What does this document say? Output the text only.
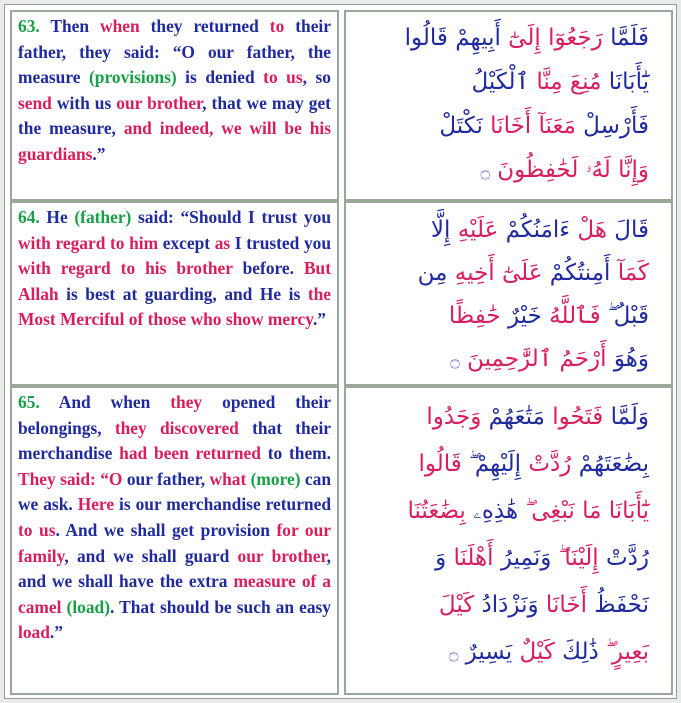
63. Then when they returned to their father, they said: “O our father, the measure (provisions) is denied to us, so send with us our brother, that we may get the measure, and indeed, we will be his guardians.”

فَلَمَّا رَجَعُوٓا إِلَىٰٓ أَبِيهِمْ قَالُوا
يَٰٓأَبَانَا مُنِعَ مِنَّا ٱلْكَيْلُ
فَأَرْسِلْ مَعَنَآ أَخَانَا نَكْتَلْ
وَإِنَّا لَهُۥ لَحَٰفِظُونَ ۝

64. He (father) said: “Should I trust you with regard to him except as I trusted you with regard to his brother before. But Allah is best at guarding, and He is the Most Merciful of those who show mercy.”

قَالَ هَلْ ءَامَنُكُمْ عَلَيْهِ إِلَّا
كَمَآ أَمِنتُكُمْ عَلَىٰٓ أَخِيهِ مِن
قَبْلُ ۖ فَٱللَّهُ خَيْرٌ حَٰفِظًا
وَهُوَ أَرْحَمُ ٱلرَّٰحِمِينَ ۝

65. And when they opened their belongings, they discovered that their merchandise had been returned to them. They said: “O our father, what (more) can we ask. Here is our merchandise returned to us. And we shall get provision for our family, and we shall guard our brother, and we shall have the extra measure of a camel (load). That should be such an easy load.”

وَلَمَّا فَتَحُوا مَتَٰعَهُمْ وَجَدُوا
بِضَٰعَتَهُمْ رُدَّتْ إِلَيْهِمْ ۖ قَالُوا
يَٰٓأَبَانَا مَا نَبْغِى ۖ هَٰذِهِۦ بِضَٰعَتُنَا
رُدَّتْ إِلَيْنَا ۖ وَنَمِيرُ أَهْلَنَا وَ
نَحْفَظُ أَخَانَا وَنَزْدَادُ كَيْلَ
بَعِيرٍ ۖ ذَٰلِكَ كَيْلٌ يَسِيرٌ ۝
